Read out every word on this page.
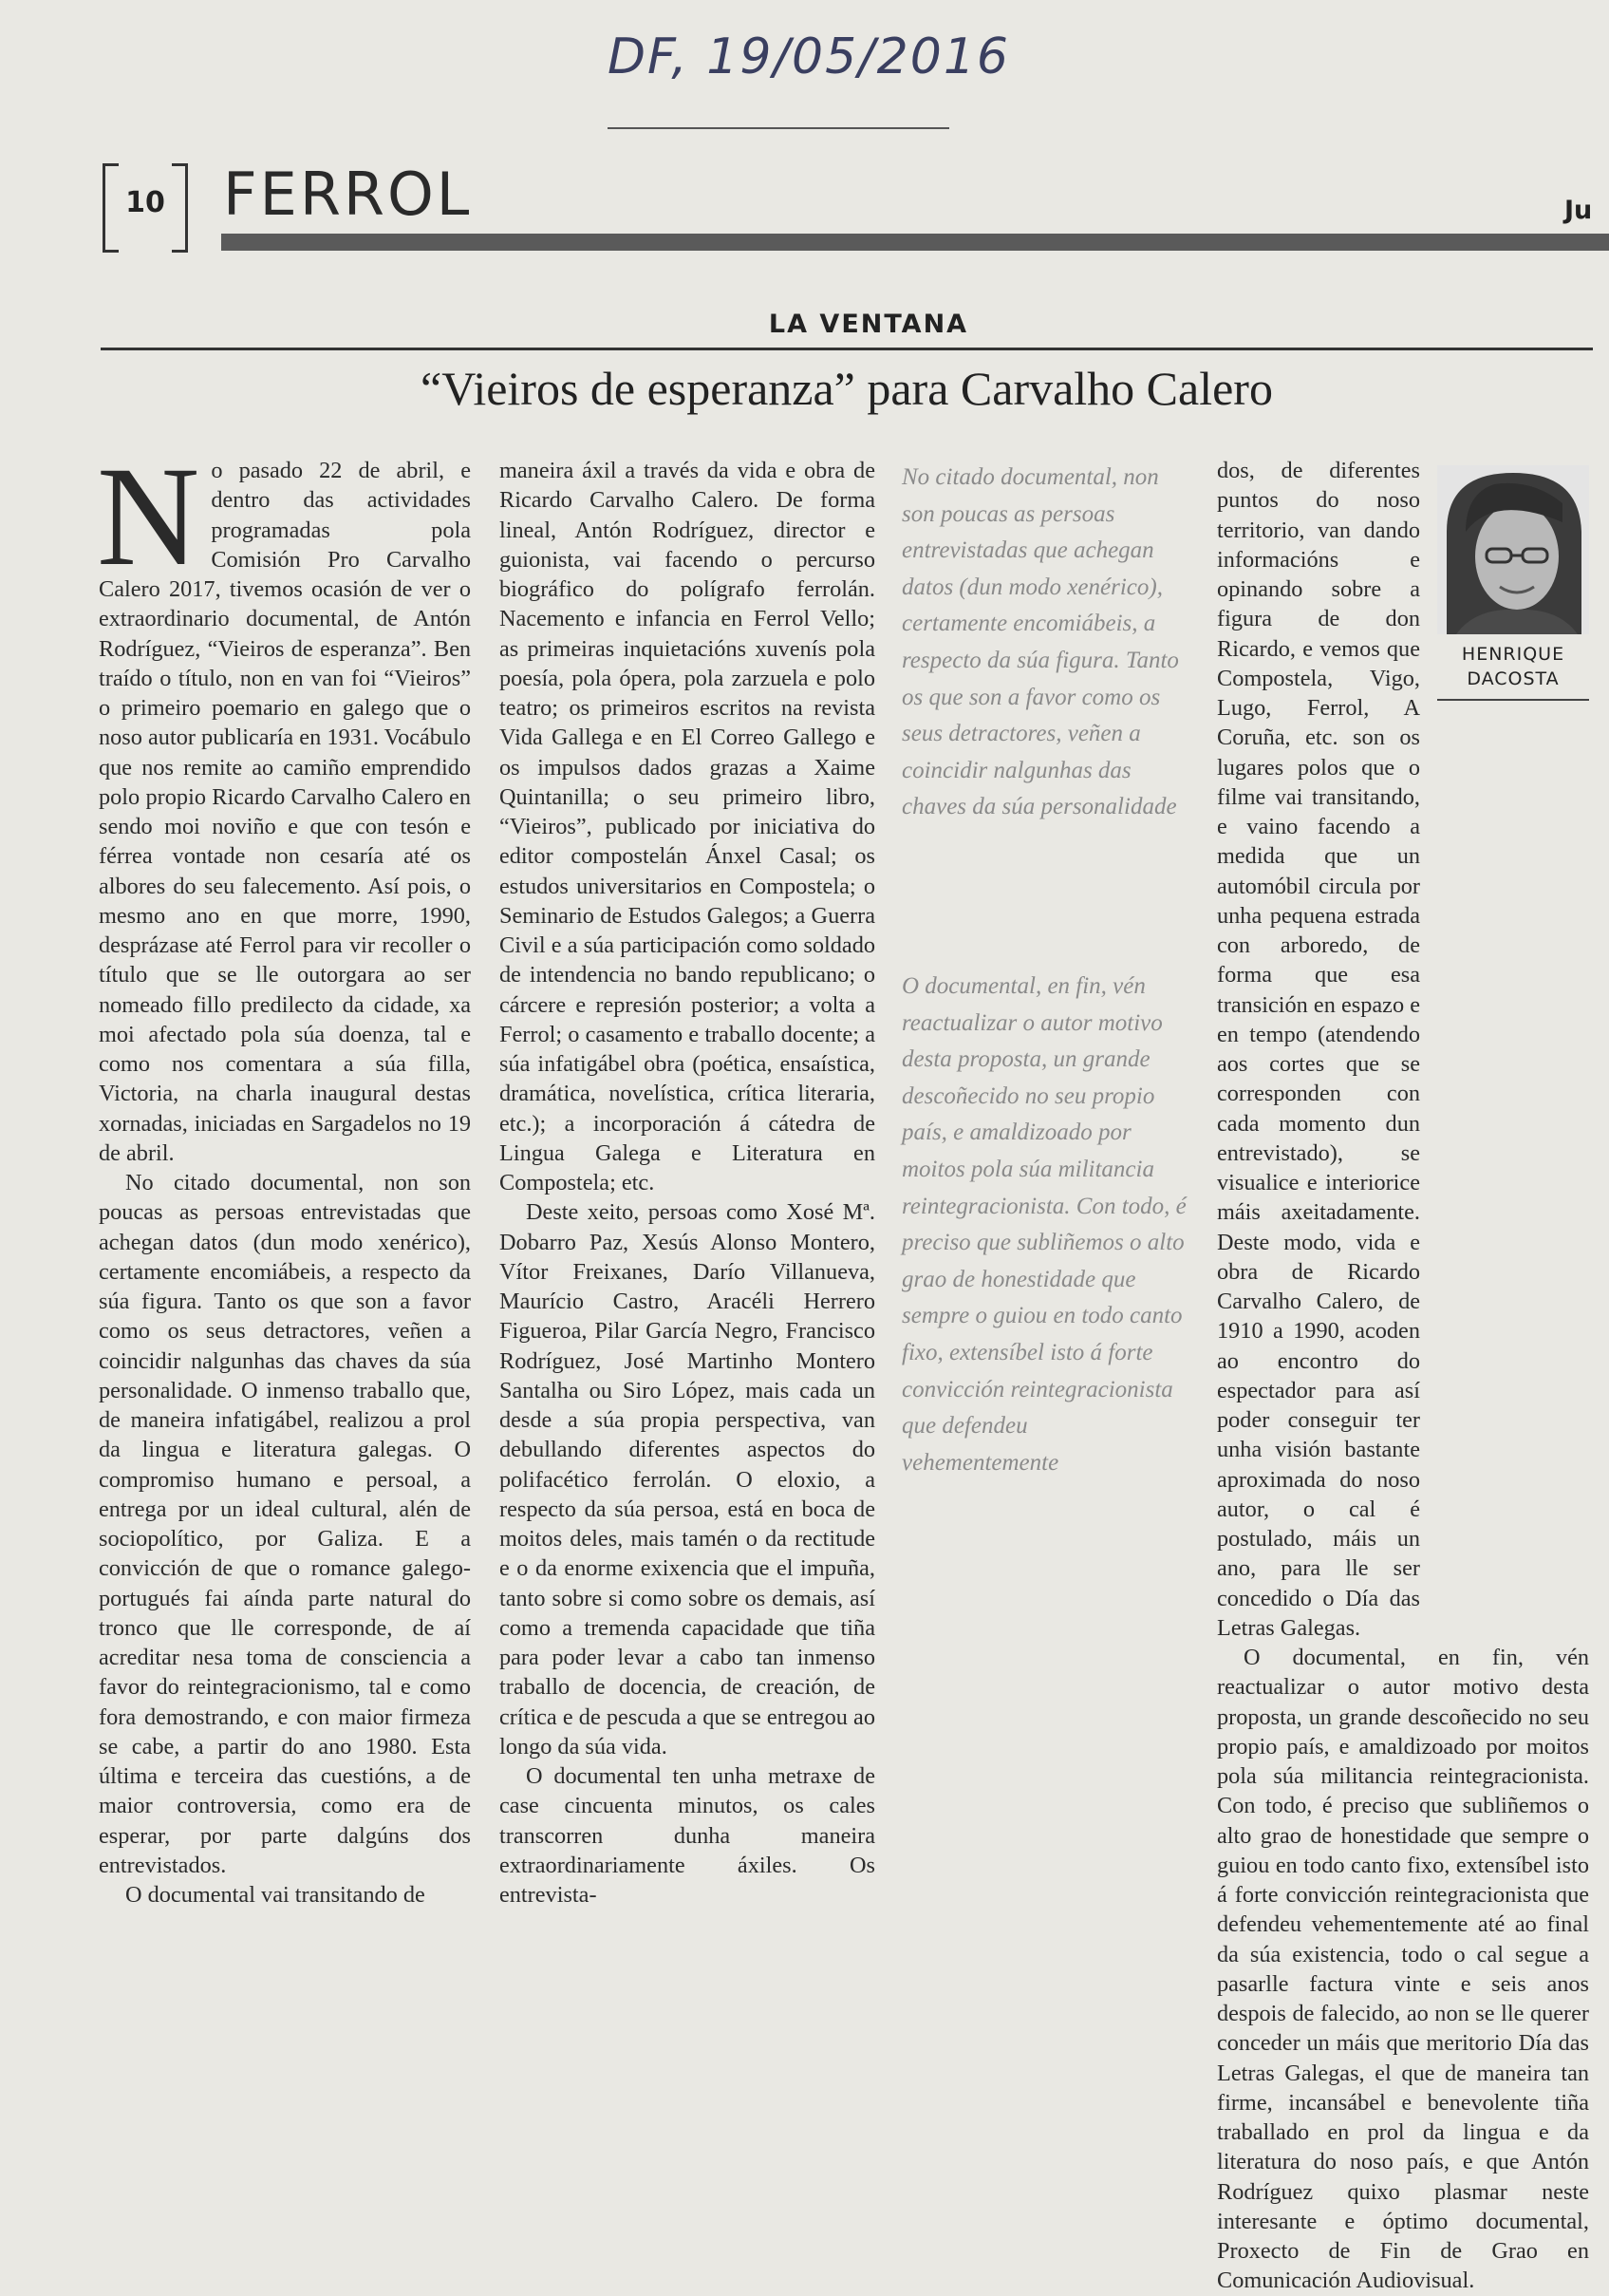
DF, 19/05/2016
10 FERROL	Ju
LA VENTANA
“Vieiros de esperanza” para Carvalho Calero

No pasado 22 de abril, e dentro das actividades programadas pola Comisión Pro Carvalho Calero 2017, tivemos ocasión de ver o extraordinario documental, de Antón Rodríguez, “Vieiros de esperanza”. Ben traído o título, non en van foi “Vieiros” o primeiro poemario en galego que o noso autor publicaría en 1931. Vocábulo que nos remite ao camiño emprendido polo propio Ricardo Carvalho Calero en sendo moi noviño e que con tesón e férrea vontade non cesaría até os albores do seu falecemento. Así pois, o mesmo ano en que morre, 1990, desprázase até Ferrol para vir recoller o título que se lle outorgara ao ser nomeado fillo predilecto da cidade, xa moi afectado pola súa doenza, tal e como nos comentara a súa filla, Victoria, na charla inaugural destas xornadas, iniciadas en Sargadelos no 19 de abril.

No citado documental, non son poucas as persoas entrevistadas que achegan datos (dun modo xenérico), certamente encomiábeis, a respecto da súa figura. Tanto os que son a favor como os seus detractores, veñen a coincidir nalgunhas das chaves da súa personalidade. O inmenso traballo que, de maneira infatigábel, realizou a prol da lingua e literatura galegas. O compromiso humano e persoal, a entrega por un ideal cultural, alén de sociopolítico, por Galiza. E a convicción de que o romance galego-portugués fai aínda parte natural do tronco que lle corresponde, de aí acreditar nesa toma de consciencia a favor do reintegracionismo, tal e como fora demostrando, e con maior firmeza se cabe, a partir do ano 1980. Esta última e terceira das cuestións, a de maior controversia, como era de esperar, por parte dalgúns dos entrevistados.

O documental vai transitando de

maneira áxil a través da vida e obra de Ricardo Carvalho Calero. De forma lineal, Antón Rodríguez, director e guionista, vai facendo o percurso biográfico do polígrafo ferrolán. Nacemento e infancia en Ferrol Vello; as primeiras inquietacións xuvenís pola poesía, pola ópera, pola zarzuela e polo teatro; os primeiros escritos na revista Vida Gallega e en El Correo Gallego e os impulsos dados grazas a Xaime Quintanilla; o seu primeiro libro, “Vieiros”, publicado por iniciativa do editor compostelán Ánxel Casal; os estudos universitarios en Compostela; o Seminario de Estudos Galegos; a Guerra Civil e a súa participación como soldado de intendencia no bando republicano; o cárcere e represión posterior; a volta a Ferrol; o casamento e traballo docente; a súa infatigábel obra (poética, ensaística, dramática, novelística, crítica literaria, etc.); a incorporación á cátedra de Lingua Galega e Literatura en Compostela; etc.

Deste xeito, persoas como Xosé Mª. Dobarro Paz, Xesús Alonso Montero, Vítor Freixanes, Darío Villanueva, Maurício Castro, Aracéli Herrero Figueroa, Pilar García Negro, Francisco Rodríguez, José Martinho Montero Santalha ou Siro López, mais cada un desde a súa propia perspectiva, van debullando diferentes aspectos do polifacético ferrolán. O eloxio, a respecto da súa persoa, está en boca de moitos deles, mais tamén o da rectitude e o da enorme exixencia que el impuña, tanto sobre si como sobre os demais, así como a tremenda capacidade que tiña para poder levar a cabo tan inmenso traballo de docencia, de creación, de crítica e de pescuda a que se entregou ao longo da súa vida.

O documental ten unha metraxe de case cincuenta minutos, os cales transcorren dunha maneira extraordinariamente áxiles. Os entrevista-

No citado documental, non son poucas as persoas entrevistadas que achegan datos (dun modo xenérico), certamente encomiábeis, a respecto da súa figura. Tanto os que son a favor como os seus detractores, veñen a coincidir nalgunhas das chaves da súa personalidade
O documental, en fin, vén reactualizar o autor motivo desta proposta, un grande descoñecido no seu propio país, e amaldizoado por moitos pola súa militancia reintegracionista. Con todo, é preciso que subliñemos o alto grao de honestidade que sempre o guiou en todo canto fixo, extensíbel isto á forte convicción reintegracionista que defendeu vehementemente
HENRIQUE
DACOSTA

dos, de diferentes puntos do noso territorio, van dando informacións e opinando sobre a figura de don Ricardo, e vemos que Compostela, Vigo, Lugo, Ferrol, A Coruña, etc. son os lugares polos que o filme vai transitando, e vaino facendo a medida que un automóbil circula por unha pequena estrada con arboredo, de forma que esa transición en espazo e en tempo (atendendo aos cortes que se corresponden con cada momento dun entrevistado), se visualice e interiorice máis axeitadamente. Deste modo, vida e obra de Ricardo Carvalho Calero, de 1910 a 1990, acoden ao encontro do espectador para así poder conseguir ter unha visión bastante aproximada do noso autor, o cal é postulado, máis un ano, para lle ser concedido o Día das Letras Galegas.

O documental, en fin, vén reactualizar o autor motivo desta proposta, un grande descoñecido no seu propio país, e amaldizoado por moitos pola súa militancia reintegracionista. Con todo, é preciso que subliñemos o alto grao de honestidade que sempre o guiou en todo canto fixo, extensíbel isto á forte convicción reintegracionista que defendeu vehementemente até ao final da súa existencia, todo o cal segue a pasarlle factura vinte e seis anos despois de falecido, ao non se lle querer conceder un máis que meritorio Día das Letras Galegas, el que de maneira tan firme, incansábel e benevolente tiña traballado en prol da lingua e da literatura do noso país, e que Antón Rodríguez quixo plasmar neste interesante e óptimo documental, Proxecto de Fin de Grao en Comunicación Audiovisual.
